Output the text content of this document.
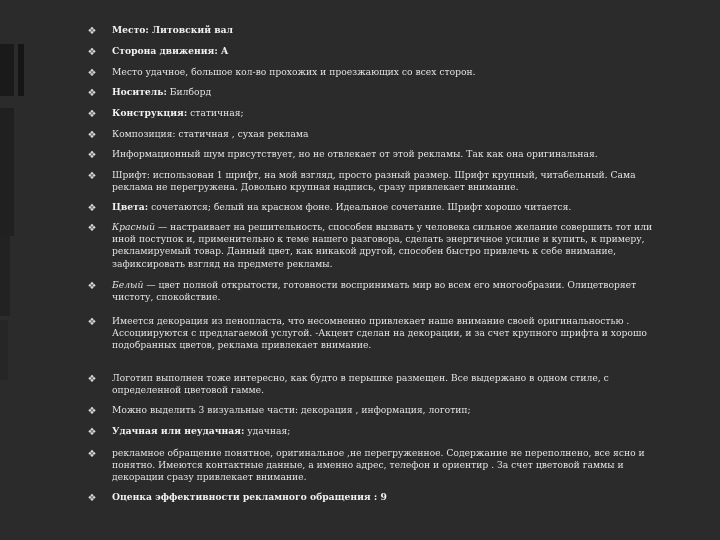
❖ Место: Литовский вал
❖ Сторона движения: А
❖ Место удачное, большое кол-во прохожих и проезжающих со всех сторон.
❖ Носитель: Билборд
❖ Конструкция: статичная;
❖ Композиция: статичная , сухая реклама
❖ Информационный шум присутствует, но не отвлекает от этой рекламы. Так как она оригинальная.
❖ Шрифт: использован 1 шрифт, на мой взгляд, просто разный размер. Шрифт крупный, читабельный. Сама реклама не перегружена. Довольно крупная надпись, сразу привлекает внимание.
❖ Цвета: сочетаются; белый на красном фоне. Идеальное сочетание. Шрифт хорошо читается.
❖ Красный — настраивает на решительность, способен вызвать у человека сильное желание совершить тот или иной поступок и, применительно к теме нашего разговора, сделать энергичное усилие и купить, к примеру, рекламируемый товар. Данный цвет, как никакой другой, способен быстро привлечь к себе внимание, зафиксировать взгляд на предмете рекламы.
❖ Белый — цвет полной открытости, готовности воспринимать мир во всем его многообразии. Олицетворяет чистоту, спокойствие.
❖ Имеется декорация из пенопласта, что несомненно привлекает наше внимание своей оригинальностью . Ассоциируются с предлагаемой услугой. -Акцент сделан на декорации, и за счет крупного шрифта и хорошо подобранных цветов, реклама привлекает внимание.
❖ Логотип выполнен тоже интересно, как будто в перышке размещен. Все выдержано в одном стиле, с определенной цветовой гамме.
❖ Можно выделить 3 визуальные части: декорация , информация, логотип;
❖ Удачная или неудачная: удачная;
❖ рекламное обращение понятное, оригинальное ,не перегруженное. Содержание не переполнено, все ясно и понятно. Имеются контактные данные, а именно адрес, телефон и ориентир . За счет цветовой гаммы и декорации сразу привлекает внимание.
❖ Оценка эффективности рекламного обращения : 9
